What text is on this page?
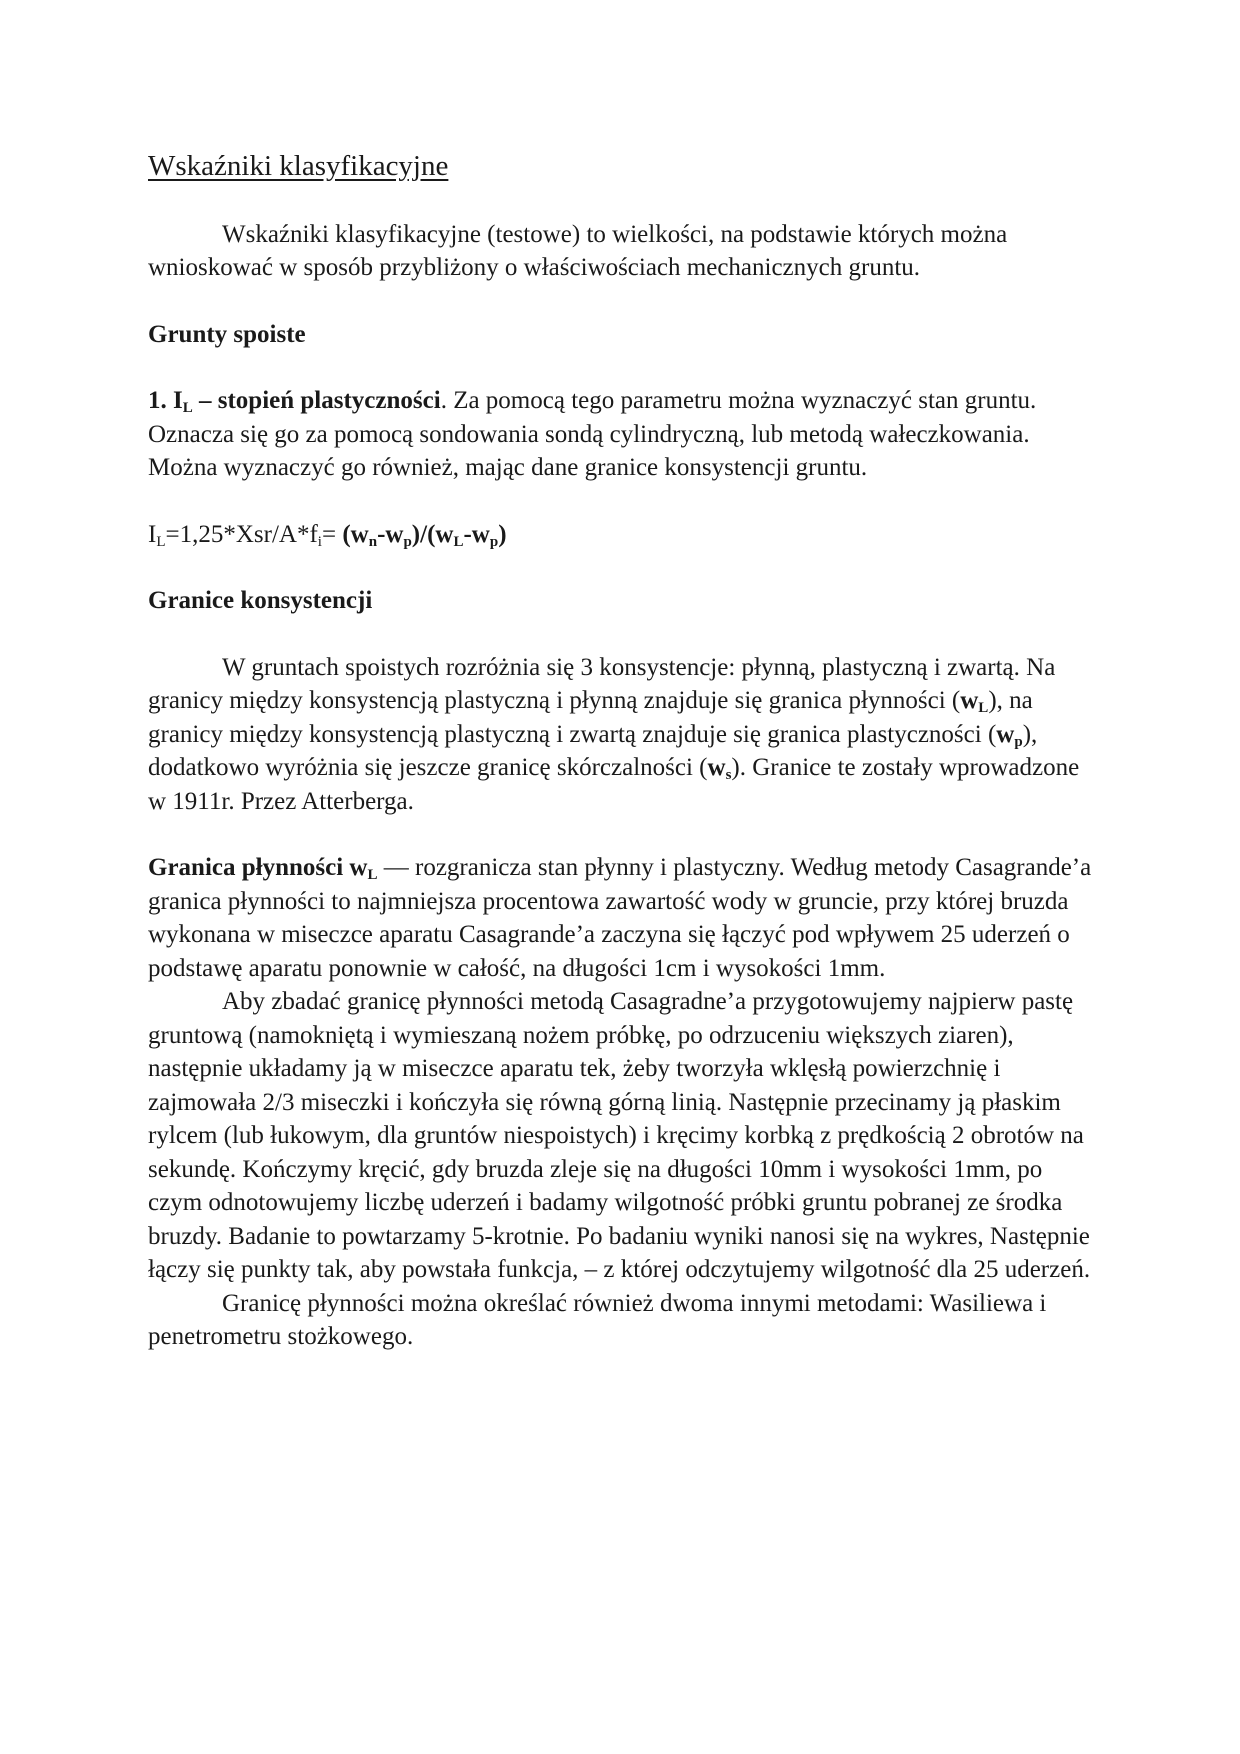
Wskaźniki klasyfikacyjne

Wskaźniki klasyfikacyjne (testowe) to wielkości, na podstawie których można wnioskować w sposób przybliżony o właściwościach mechanicznych gruntu.

Grunty spoiste

1. $I_L$ – stopień plastyczności. Za pomocą tego parametru można wyznaczyć stan gruntu. Oznacza się go za pomocą sondowania sondą cylindryczną, lub metodą wałeczkowania. Można wyznaczyć go również, mając dane granice konsystencji gruntu.

$I_L=1,25*Xsr/A*f_i= (w_n-w_p)/(w_L-w_p)$

Granice konsystencji

W gruntach spoistych rozróżnia się 3 konsystencje: płynną, plastyczną i zwartą. Na granicy między konsystencją plastyczną i płynną znajduje się granica płynności $(w_L)$, na granicy między konsystencją plastyczną i zwartą znajduje się granica plastyczności $(w_p)$, dodatkowo wyróżnia się jeszcze granicę skórczalności $(w_s)$. Granice te zostały wprowadzone w 1911r. Przez Atterberga.

Granica płynności $w_L$ — rozgranicza stan płynny i plastyczny. Według metody Casagrande’a granica płynności to najmniejsza procentowa zawartość wody w gruncie, przy której bruzda wykonana w miseczce aparatu Casagrande’a zaczyna się łączyć pod wpływem 25 uderzeń o podstawę aparatu ponownie w całość, na długości 1cm i wysokości 1mm.

Aby zbadać granicę płynności metodą Casagradne’a przygotowujemy najpierw pastę gruntową (namokniętą i wymieszaną nożem próbkę, po odrzuceniu większych ziaren), następnie układamy ją w miseczce aparatu tek, żeby tworzyła wklęsłą powierzchnię i zajmowała 2/3 miseczki i kończyła się równą górną linią. Następnie przecinamy ją płaskim rylcem (lub łukowym, dla gruntów niespoistych) i kręcimy korbką z prędkością 2 obrotów na sekundę. Kończymy kręcić, gdy bruzda zleje się na długości 10mm i wysokości 1mm, po czym odnotowujemy liczbę uderzeń i badamy wilgotność próbki gruntu pobranej ze środka bruzdy. Badanie to powtarzamy 5-krotnie. Po badaniu wyniki nanosi się na wykres, Następnie łączy się punkty tak, aby powstała funkcja, – z której odczytujemy wilgotność dla 25 uderzeń.

Granicę płynności można określać również dwoma innymi metodami: Wasiliewa i penetrometru stożkowego.
